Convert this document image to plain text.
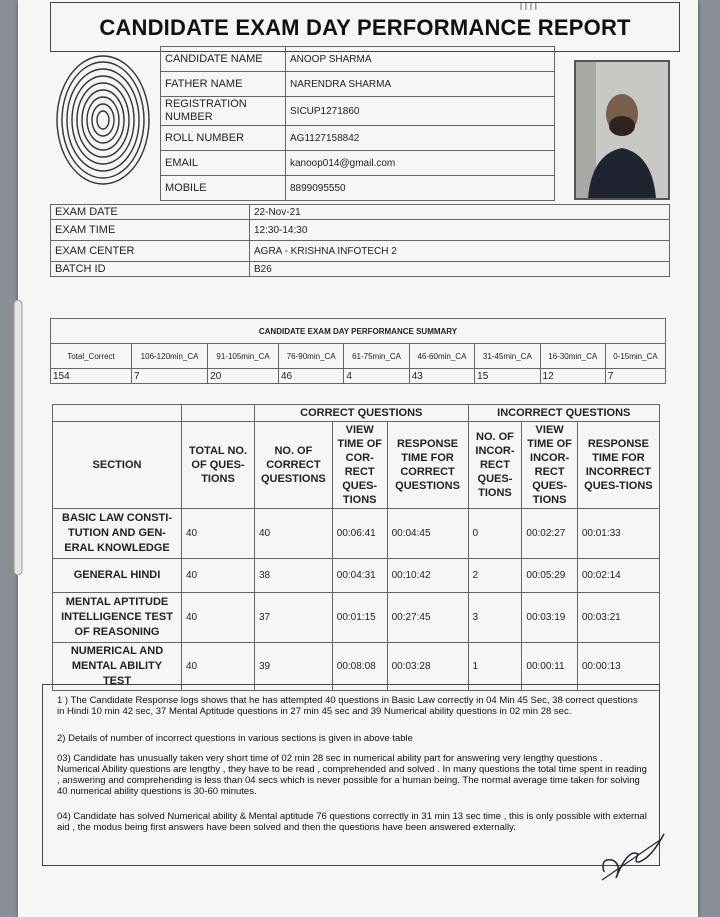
।।।।
CANDIDATE EXAM DAY PERFORMANCE REPORT
CANDIDATE NAME	ANOOP SHARMA
FATHER NAME	NARENDRA SHARMA
REGISTRATION
NUMBER	SICUP1271860
ROLL NUMBER	AG1127158842
EMAIL	kanoop014@gmail.com
MOBILE	8899095550
EXAM DATE	22-Nov-21
EXAM TIME	12:30-14:30
EXAM CENTER	AGRA - KRISHNA INFOTECH 2
BATCH ID	B26
CANDIDATE EXAM DAY PERFORMANCE SUMMARY								
Total_Correct	106-120min_CA	91-105min_CA	76-90min_CA	61-75min_CA	46-60min_CA	31-45min_CA	16-30min_CA	0-15min_CA
154	7	20	46	4	43	15	12	7
		CORRECT QUESTIONS			INCORRECT QUESTIONS		
SECTION	TOTAL NO. OF QUES-TIONS	NO. OF CORRECT QUESTIONS	VIEW TIME OF COR-RECT QUES-TIONS	RESPONSE TIME FOR CORRECT QUESTIONS	NO. OF INCOR-RECT QUES-TIONS	VIEW TIME OF INCOR-RECT QUES-TIONS	RESPONSE TIME FOR INCORRECT QUES-TIONS
BASIC LAW CONSTI-TUTION AND GEN-ERAL KNOWLEDGE	40	40	00:06:41	00:04:45	0	00:02:27	00:01:33
GENERAL HINDI	40	38	00:04:31	00:10:42	2	00:05:29	00:02:14
MENTAL APTITUDE INTELLIGENCE TEST OF REASONING	40	37	00:01:15	00:27:45	3	00:03:19	00:03:21
NUMERICAL AND MENTAL ABILITY TEST	40	39	00:08:08	00:03:28	1	00:00:11	00:00:13
1 ) The Candidate Response logs shows that he has attempted 40 questions in Basic Law correctly in 04 Min 45 Sec, 38 correct questions in Hindi 10 min 42 sec, 37 Mental Aptitude questions in 27 min 45 sec and 39 Numerical ability questions in 02 min 28 sec.
2) Details of number of incorrect questions in various sections is given in above table
03) Candidate has unusually taken very short time of 02 min 28 sec in numerical ability part for answering very lengthy questions . Numerical Ability questions are lengthy , they have to be read , comprehended and solved . In many questions the total time spent in reading , answering and comprehending is less than 04 secs which is never possible for a human being. The normal average time taken for solving 40 numerical ability questions is 30-60 minutes.
04) Candidate has solved Numerical ability & Mental aptitude 76 questions correctly in 31 min 13 sec time , this is only possible with external aid , the modus being first answers have been solved and then the questions have been answered externally.
